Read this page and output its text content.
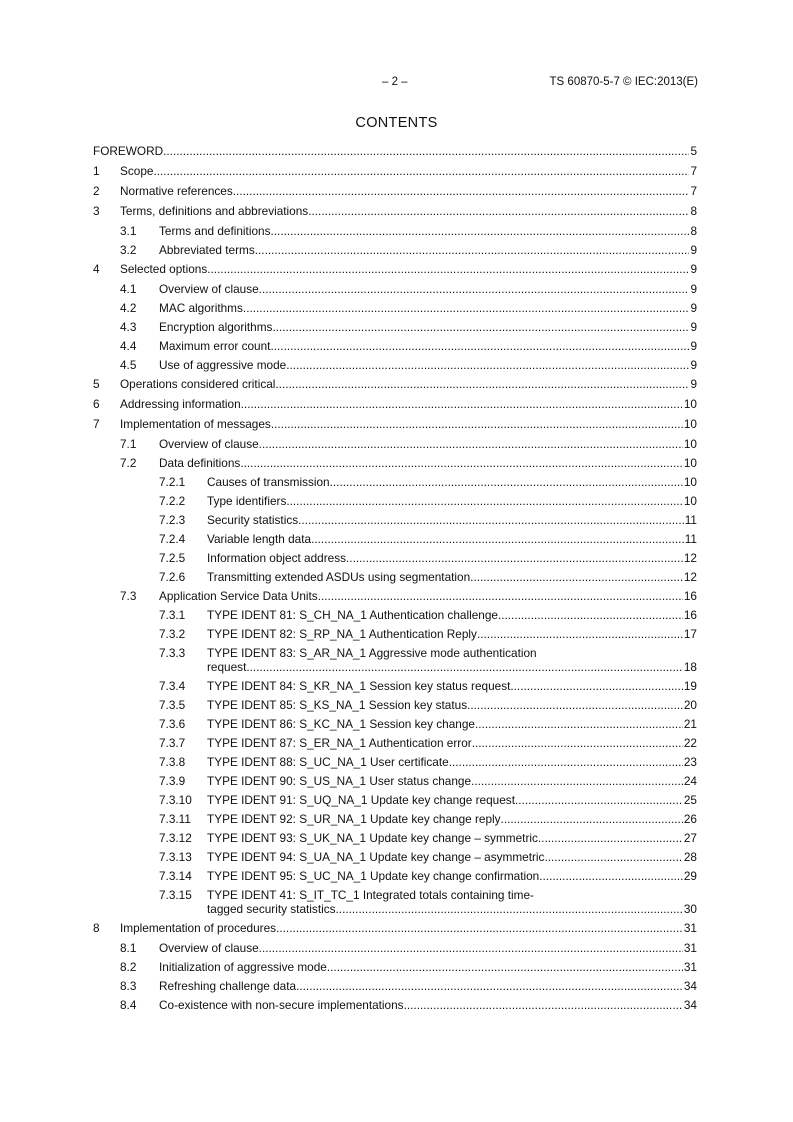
– 2 –	TS 60870-5-7 © IEC:2013(E)
CONTENTS
FOREWORD .....	5
1 Scope .....	7
2 Normative references .....	7
3 Terms, definitions and abbreviations .....	8
3.1 Terms and definitions .....	8
3.2 Abbreviated terms .....	9
4 Selected options .....	9
4.1 Overview of clause .....	9
4.2 MAC algorithms .....	9
4.3 Encryption algorithms .....	9
4.4 Maximum error count .....	9
4.5 Use of aggressive mode .....	9
5 Operations considered critical .....	9
6 Addressing information .....	10
7 Implementation of messages .....	10
7.1 Overview of clause .....	10
7.2 Data definitions .....	10
7.2.1 Causes of transmission .....	10
7.2.2 Type identifiers .....	10
7.2.3 Security statistics .....	11
7.2.4 Variable length data .....	11
7.2.5 Information object address .....	12
7.2.6 Transmitting extended ASDUs using segmentation .....	12
7.3 Application Service Data Units .....	16
7.3.1 TYPE IDENT 81: S_CH_NA_1 Authentication challenge .....	16
7.3.2 TYPE IDENT 82: S_RP_NA_1 Authentication Reply .....	17
7.3.3 TYPE IDENT 83: S_AR_NA_1 Aggressive mode authentication
request .....	18
7.3.4 TYPE IDENT 84: S_KR_NA_1 Session key status request .....	19
7.3.5 TYPE IDENT 85: S_KS_NA_1 Session key status .....	20
7.3.6 TYPE IDENT 86: S_KC_NA_1 Session key change .....	21
7.3.7 TYPE IDENT 87: S_ER_NA_1 Authentication error .....	22
7.3.8 TYPE IDENT 88: S_UC_NA_1 User certificate .....	23
7.3.9 TYPE IDENT 90: S_US_NA_1 User status change .....	24
7.3.10 TYPE IDENT 91: S_UQ_NA_1 Update key change request .....	25
7.3.11 TYPE IDENT 92: S_UR_NA_1 Update key change reply .....	26
7.3.12 TYPE IDENT 93: S_UK_NA_1 Update key change – symmetric .....	27
7.3.13 TYPE IDENT 94: S_UA_NA_1 Update key change – asymmetric .....	28
7.3.14 TYPE IDENT 95: S_UC_NA_1 Update key change confirmation .....	29
7.3.15 TYPE IDENT 41: S_IT_TC_1 Integrated totals containing time-
tagged security statistics .....	30
8 Implementation of procedures .....	31
8.1 Overview of clause .....	31
8.2 Initialization of aggressive mode .....	31
8.3 Refreshing challenge data .....	34
8.4 Co-existence with non-secure implementations .....	34
